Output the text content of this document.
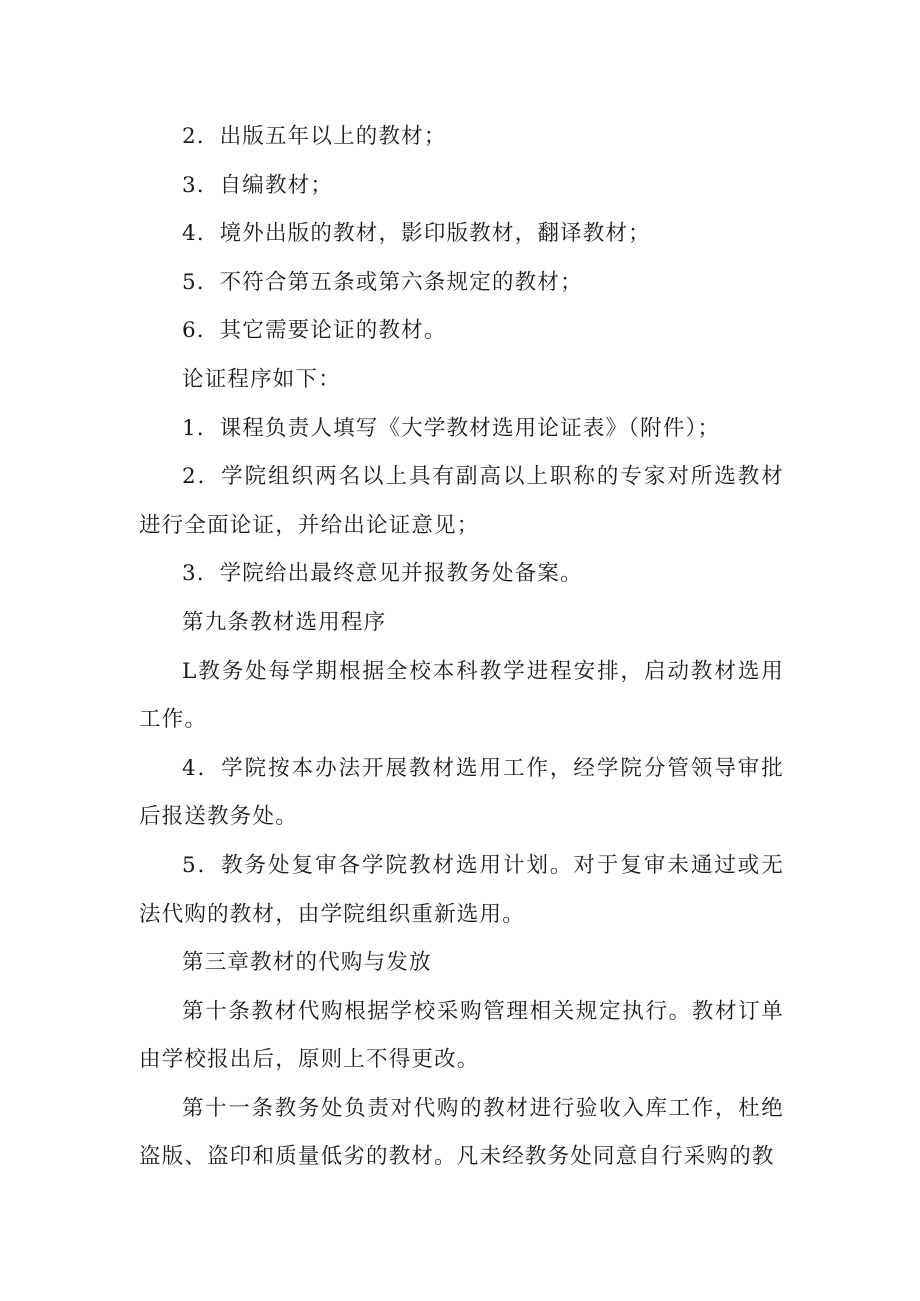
2．出版五年以上的教材；

3．自编教材；

4．境外出版的教材，影印版教材，翻译教材；

5．不符合第五条或第六条规定的教材；

6．其它需要论证的教材。

论证程序如下：

1．课程负责人填写《大学教材选用论证表》（附件）；

2．学院组织两名以上具有副高以上职称的专家对所选教材进行全面论证，并给出论证意见；

3．学院给出最终意见并报教务处备案。

第九条教材选用程序

L教务处每学期根据全校本科教学进程安排，启动教材选用工作。

4．学院按本办法开展教材选用工作，经学院分管领导审批后报送教务处。

5．教务处复审各学院教材选用计划。对于复审未通过或无法代购的教材，由学院组织重新选用。

第三章教材的代购与发放

第十条教材代购根据学校采购管理相关规定执行。教材订单由学校报出后，原则上不得更改。

第十一条教务处负责对代购的教材进行验收入库工作，杜绝盗版、盗印和质量低劣的教材。凡未经教务处同意自行采购的教
